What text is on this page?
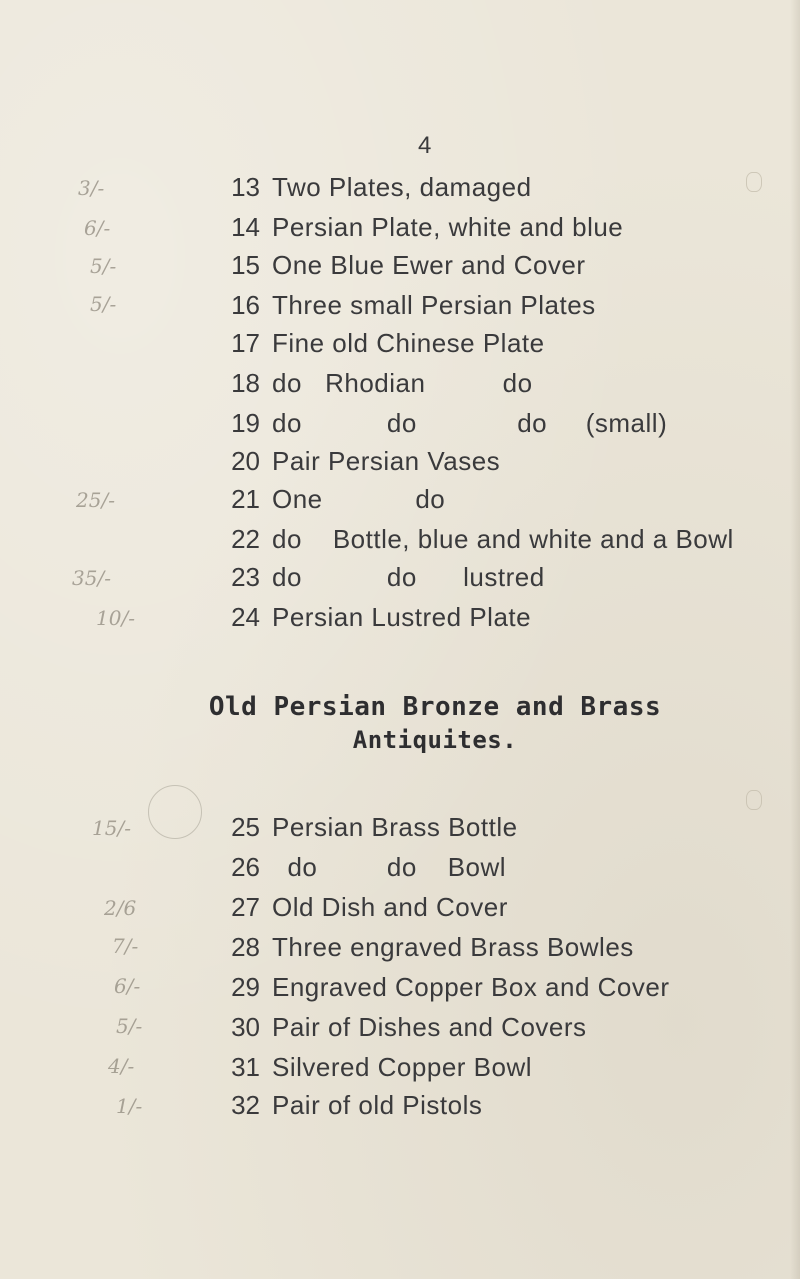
4
3/-
6/-
5/-
5/-
25/-
35/-
10/-
15/-
2/6
7/-
6/-
5/-
4/-
1/-
13 Two Plates, damaged
14 Persian Plate, white and blue
15 One Blue Ewer and Cover
16 Three small Persian Plates
17 Fine old Chinese Plate
18 do   Rhodian          do
19 do           do             do     (small)
20 Pair Persian Vases
21 One            do
22 do    Bottle, blue and white and a Bowl
23 do           do      lustred
24 Persian Lustred Plate
Old Persian Bronze and Brass
Antiquites.
25 Persian Brass Bottle
26 do         do    Bowl
27 Old Dish and Cover
28 Three engraved Brass Bowles
29 Engraved Copper Box and Cover
30 Pair of Dishes and Covers
31 Silvered Copper Bowl
32 Pair of old Pistols
